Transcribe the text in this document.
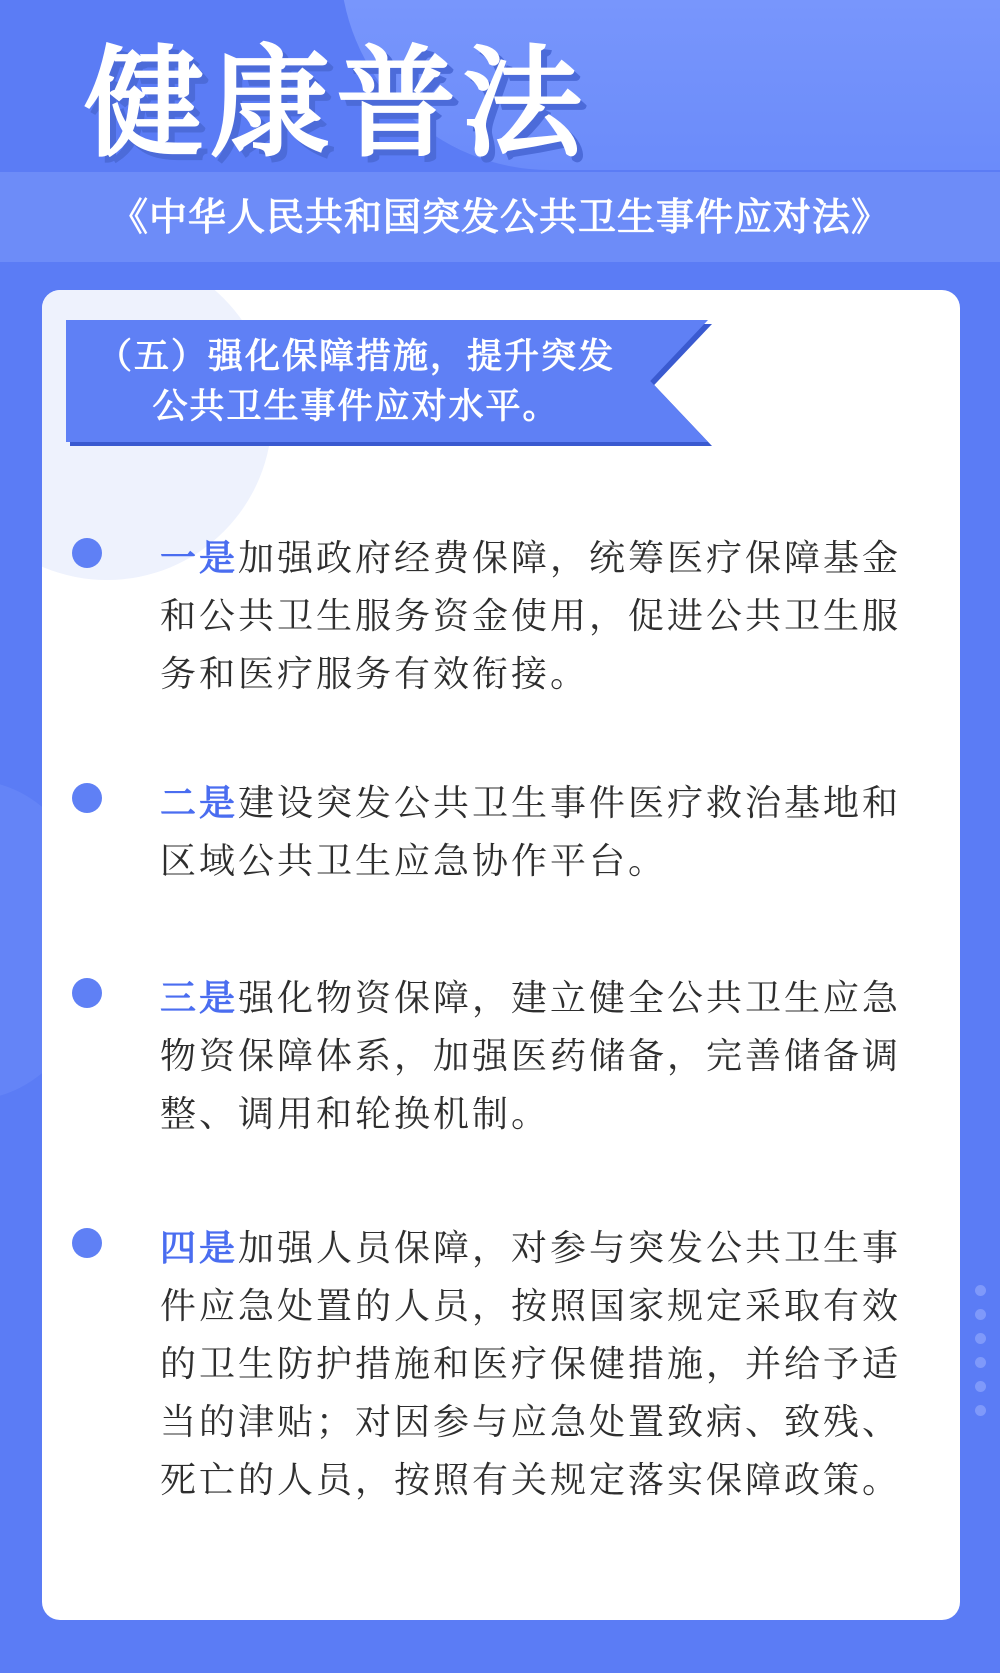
健康普法

《中华人民共和国突发公共卫生事件应对法》

（五）强化保障措施，提升突发
公共卫生事件应对水平。

一是加强政府经费保障，统筹医疗保障基金和公共卫生服务资金使用，促进公共卫生服务和医疗服务有效衔接。
二是建设突发公共卫生事件医疗救治基地和区域公共卫生应急协作平台。
三是强化物资保障，建立健全公共卫生应急物资保障体系，加强医药储备，完善储备调整、调用和轮换机制。
四是加强人员保障，对参与突发公共卫生事件应急处置的人员，按照国家规定采取有效的卫生防护措施和医疗保健措施，并给予适当的津贴；对因参与应急处置致病、致残、死亡的人员，按照有关规定落实保障政策。
